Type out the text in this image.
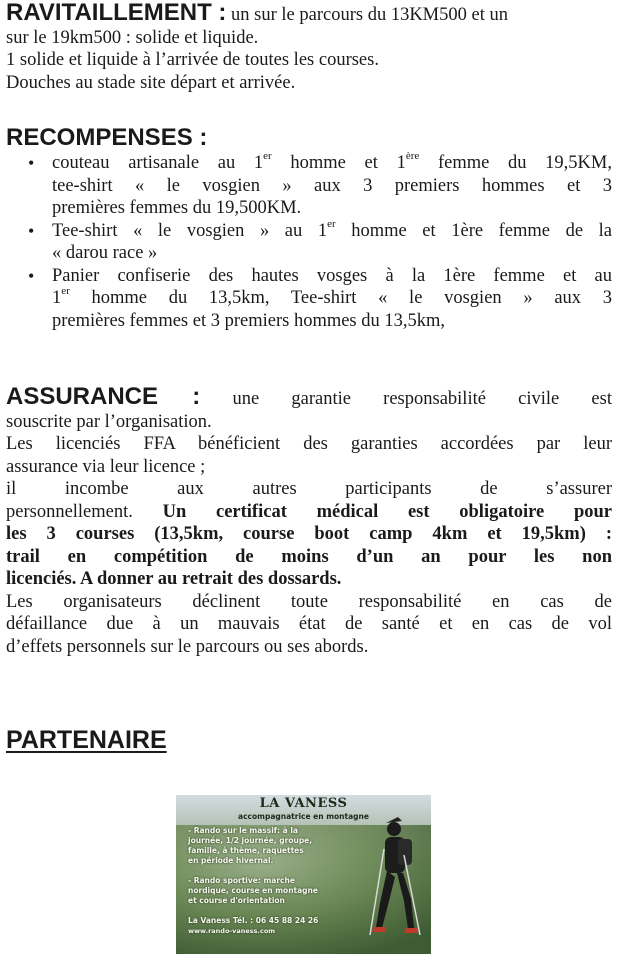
RAVITAILLEMENT : un sur le parcours du 13KM500 et un

sur le 19km500 : solide et liquide.

1 solide et liquide à l’arrivée de toutes les courses.

Douches au stade site départ et arrivée.

RECOMPENSES :

• couteau artisanale au 1er homme et 1ère femme du 19,5KM,

tee-shirt « le vosgien » aux 3 premiers hommes et 3

premières femmes du 19,500KM.

• Tee-shirt « le vosgien » au 1er homme et 1ère femme de la

« darou race »

• Panier confiserie des hautes vosges à la 1ère femme et au

1er homme du 13,5km, Tee-shirt « le vosgien » aux 3

premières femmes et 3 premiers hommes du 13,5km,

ASSURANCE : une garantie responsabilité civile est

souscrite par l’organisation.

Les licenciés FFA bénéficient des garanties accordées par leur

assurance via leur licence ;

il incombe aux autres participants de s’assurer

personnellement. Un certificat médical est obligatoire pour

les 3 courses (13,5km, course boot camp 4km et 19,5km) :

trail en compétition de moins d’un an pour les non

licenciés. A donner au retrait des dossards.

Les organisateurs déclinent toute responsabilité en cas de

défaillance due à un mauvais état de santé et en cas de vol

d’effets personnels sur le parcours ou ses abords.

PARTENAIRE

LA VANESS
accompagnatrice en montagne
- Rando sur le massif: à la
journée, 1/2 journée, groupe,
famille, à thème, raquettes
en période hivernal.
- Rando sportive: marche
nordique, course en montagne
et course d'orientation
La Vaness Tél. : 06 45 88 24 26
www.rando-vaness.com
